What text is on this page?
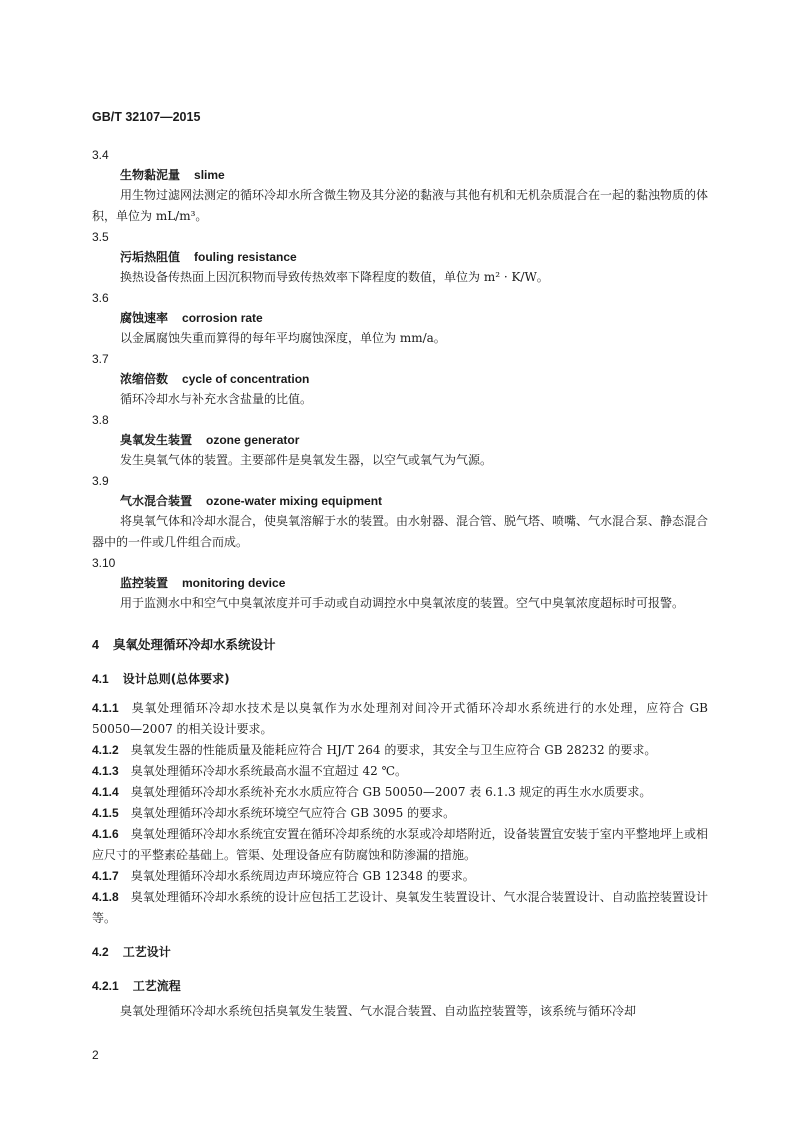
GB/T 32107—2015
3.4
生物黏泥量 slime

用生物过滤网法测定的循环冷却水所含微生物及其分泌的黏液与其他有机和无机杂质混合在一起的黏浊物质的体积，单位为 mL/m³。

3.5
污垢热阻值 fouling resistance

换热设备传热面上因沉积物而导致传热效率下降程度的数值，单位为 m² · K/W。

3.6
腐蚀速率 corrosion rate

以金属腐蚀失重而算得的每年平均腐蚀深度，单位为 mm/a。

3.7
浓缩倍数 cycle of concentration

循环冷却水与补充水含盐量的比值。

3.8
臭氧发生装置 ozone generator

发生臭氧气体的装置。主要部件是臭氧发生器，以空气或氧气为气源。

3.9
气水混合装置 ozone-water mixing equipment

将臭氧气体和冷却水混合，使臭氧溶解于水的装置。由水射器、混合管、脱气塔、喷嘴、气水混合泵、静态混合器中的一件或几件组合而成。

3.10
监控装置 monitoring device

用于监测水中和空气中臭氧浓度并可手动或自动调控水中臭氧浓度的装置。空气中臭氧浓度超标时可报警。

4 臭氧处理循环冷却水系统设计
4.1 设计总则(总体要求)

4.1.1 臭氧处理循环冷却水技术是以臭氧作为水处理剂对间冷开式循环冷却水系统进行的水处理，应符合 GB 50050—2007 的相关设计要求。

4.1.2 臭氧发生器的性能质量及能耗应符合 HJ/T 264 的要求，其安全与卫生应符合 GB 28232 的要求。

4.1.3 臭氧处理循环冷却水系统最高水温不宜超过 42 ℃。

4.1.4 臭氧处理循环冷却水系统补充水水质应符合 GB 50050—2007 表 6.1.3 规定的再生水水质要求。

4.1.5 臭氧处理循环冷却水系统环境空气应符合 GB 3095 的要求。

4.1.6 臭氧处理循环冷却水系统宜安置在循环冷却系统的水泵或冷却塔附近，设备装置宜安装于室内平整地坪上或相应尺寸的平整素砼基础上。管渠、处理设备应有防腐蚀和防渗漏的措施。

4.1.7 臭氧处理循环冷却水系统周边声环境应符合 GB 12348 的要求。

4.1.8 臭氧处理循环冷却水系统的设计应包括工艺设计、臭氧发生装置设计、气水混合装置设计、自动监控装置设计等。

4.2 工艺设计
4.2.1 工艺流程

臭氧处理循环冷却水系统包括臭氧发生装置、气水混合装置、自动监控装置等，该系统与循环冷却

2
